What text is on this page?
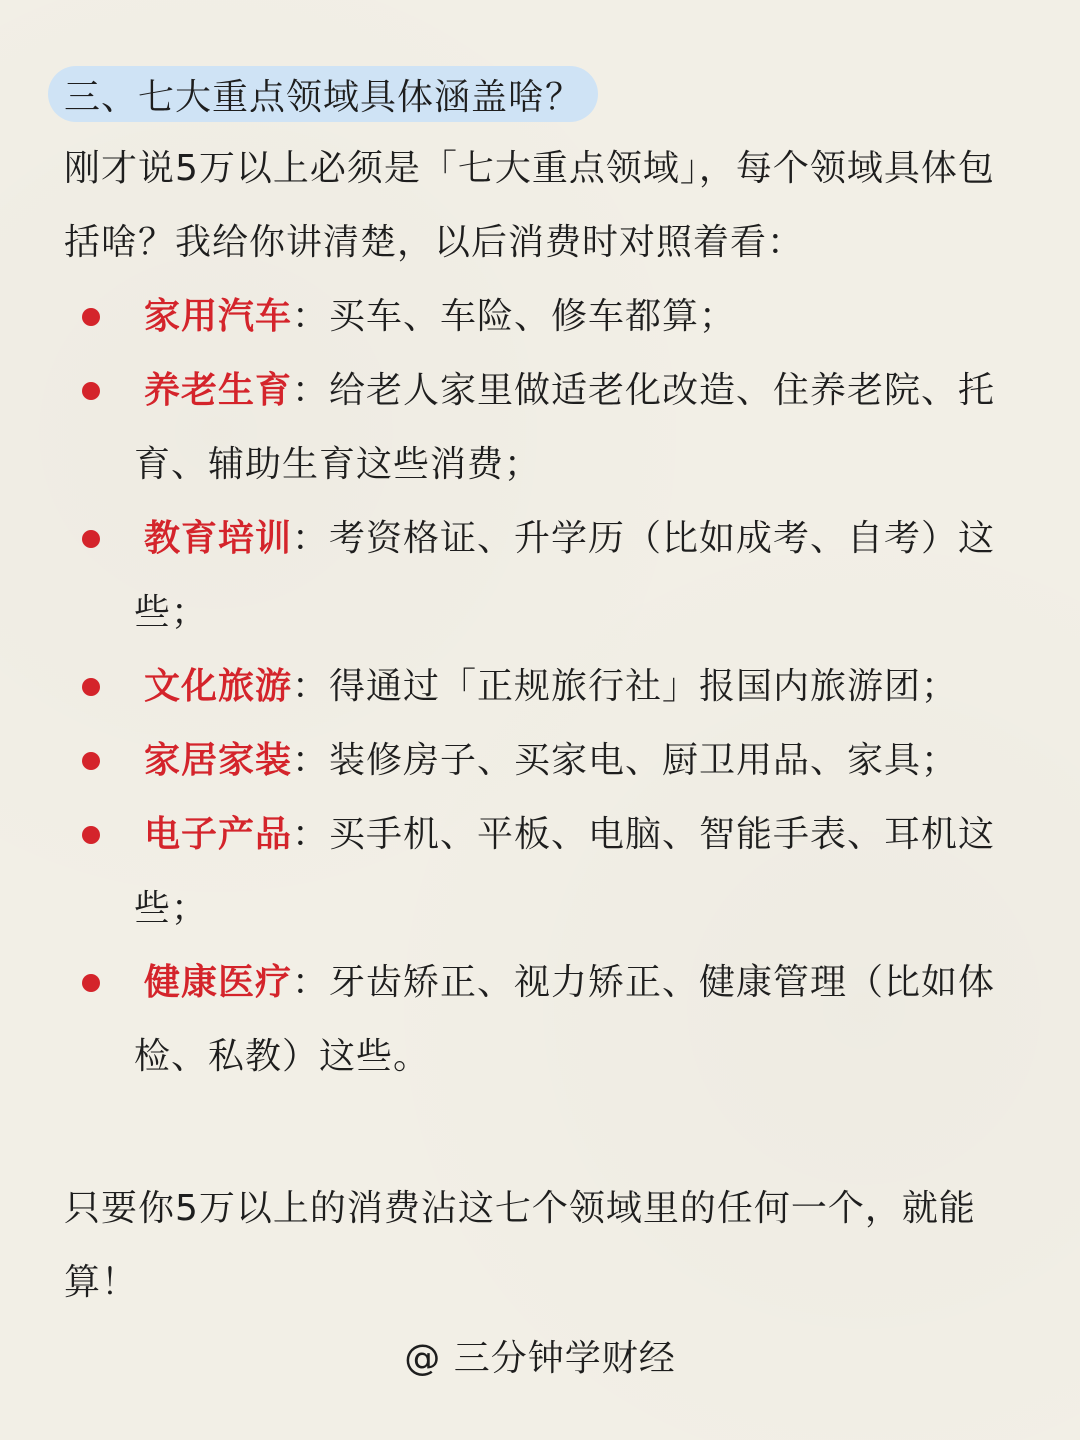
三、七大重点领域具体涵盖啥？
刚才说5万以上必须是「七大重点领域」，每个领域具体包括啥？我给你讲清楚，以后消费时对照着看：
家用汽车：买车、车险、修车都算；
养老生育：给老人家里做适老化改造、住养老院、托育、辅助生育这些消费；
教育培训：考资格证、升学历（比如成考、自考）这些；
文化旅游：得通过「正规旅行社」报国内旅游团；
家居家装：装修房子、买家电、厨卫用品、家具；
电子产品：买手机、平板、电脑、智能手表、耳机这些；
健康医疗：牙齿矫正、视力矫正、健康管理（比如体检、私教）这些。
只要你5万以上的消费沾这七个领域里的任何一个，就能算！
@ 三分钟学财经
